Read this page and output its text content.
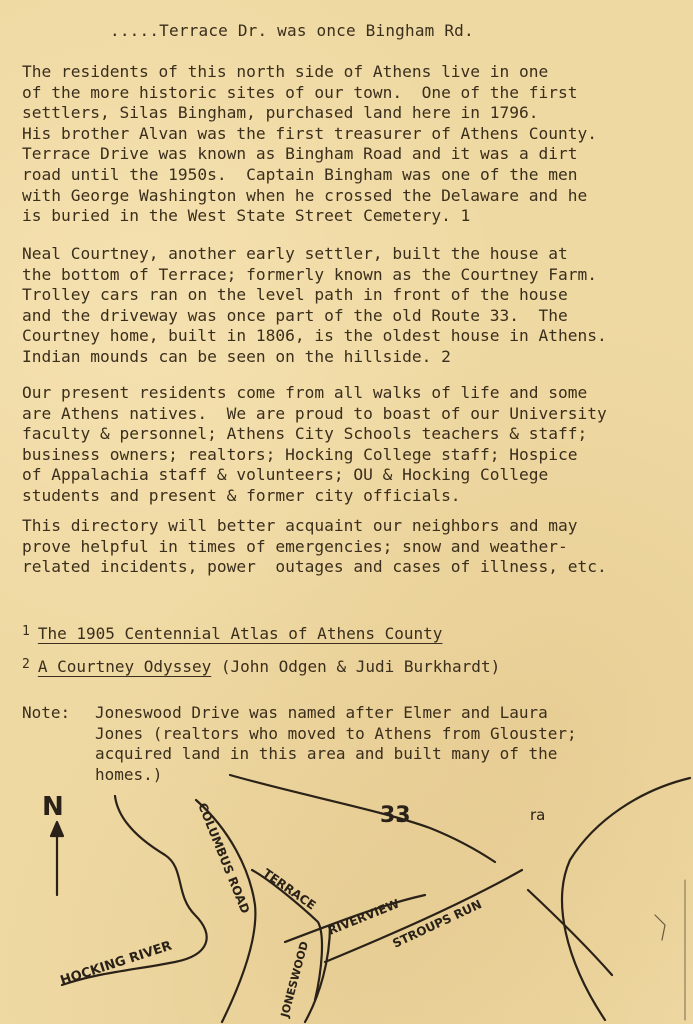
.....Terrace Dr. was once Bingham Rd.

The residents of this north side of Athens live in one
of the more historic sites of our town.  One of the first
settlers, Silas Bingham, purchased land here in 1796.
His brother Alvan was the first treasurer of Athens County.
Terrace Drive was known as Bingham Road and it was a dirt
road until the 1950s.  Captain Bingham was one of the men
with George Washington when he crossed the Delaware and he
is buried in the West State Street Cemetery. 1

Neal Courtney, another early settler, built the house at
the bottom of Terrace; formerly known as the Courtney Farm.
Trolley cars ran on the level path in front of the house
and the driveway was once part of the old Route 33.  The
Courtney home, built in 1806, is the oldest house in Athens.
Indian mounds can be seen on the hillside. 2

Our present residents come from all walks of life and some
are Athens natives.  We are proud to boast of our University
faculty & personnel; Athens City Schools teachers & staff;
business owners; realtors; Hocking College staff; Hospice
of Appalachia staff & volunteers; OU & Hocking College
students and present & former city officials.

This directory will better acquaint our neighbors and may
prove helpful in times of emergencies; snow and weather-
related incidents, power  outages and cases of illness, etc.

$^1$ The 1905 Centennial Atlas of Athens County
$^2$ A Courtney Odyssey (John Odgen & Judi Burkhardt)
Note: Joneswood Drive was named after Elmer and Laura
Jones (realtors who moved to Athens from Glouster;
acquired land in this area and built many of the
homes.)

N	33	ra
COLUMBUS ROAD TERRACE
RIVERVIEW
STROUPS RUN
JONESWOOD
HOCKING RIVER
